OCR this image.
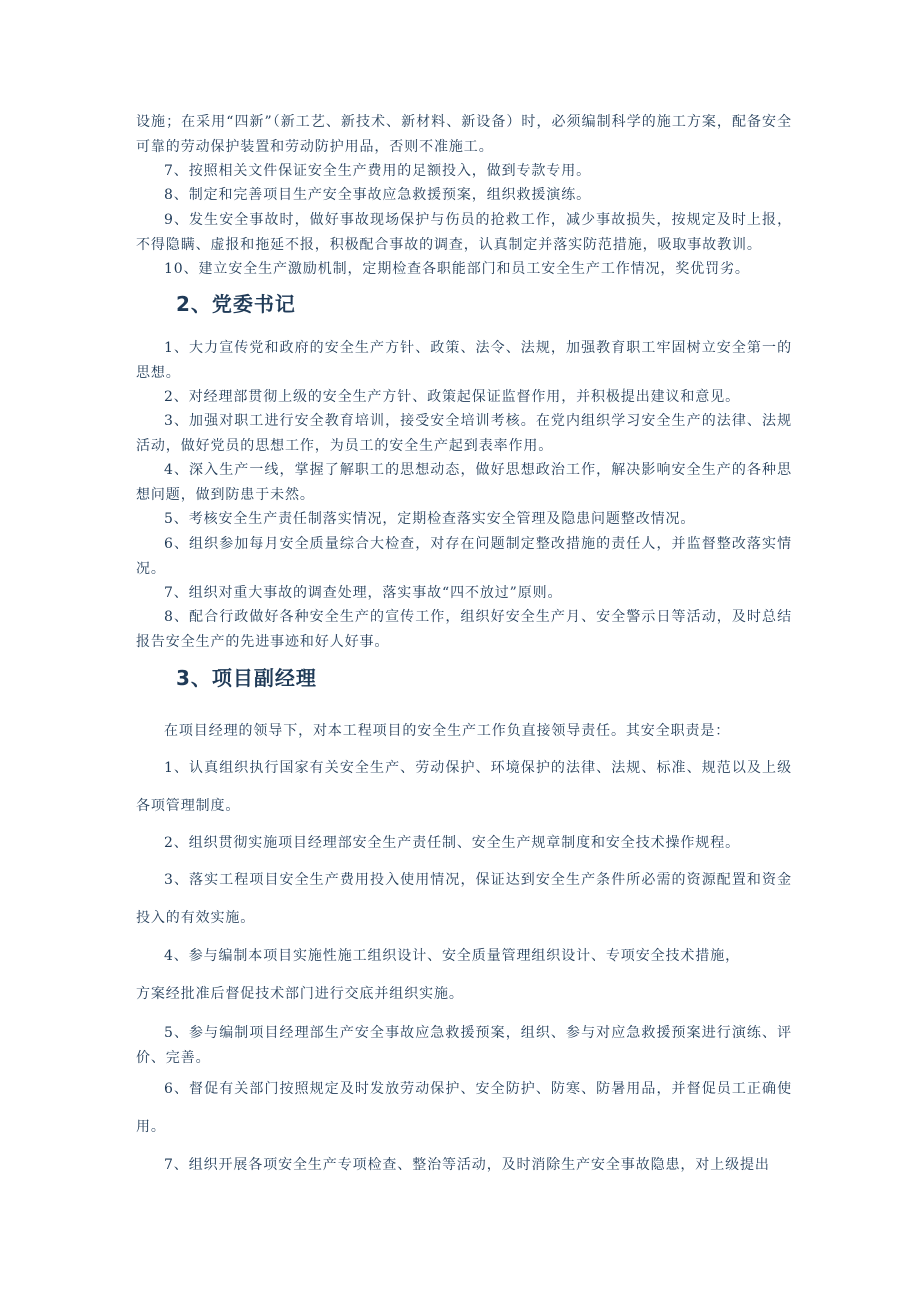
设施；在采用“四新”（新工艺、新技术、新材料、新设备）时，必须编制科学的施工方案，配备安全可靠的劳动保护装置和劳动防护用品，否则不准施工。

7、按照相关文件保证安全生产费用的足额投入，做到专款专用。

8、制定和完善项目生产安全事故应急救援预案，组织救援演练。

9、发生安全事故时，做好事故现场保护与伤员的抢救工作，减少事故损失，按规定及时上报，不得隐瞒、虚报和拖延不报，积极配合事故的调查，认真制定并落实防范措施，吸取事故教训。

10、建立安全生产激励机制，定期检查各职能部门和员工安全生产工作情况，奖优罚劣。

2、党委书记

1、大力宣传党和政府的安全生产方针、政策、法令、法规，加强教育职工牢固树立安全第一的思想。

2、对经理部贯彻上级的安全生产方针、政策起保证监督作用，并积极提出建议和意见。

3、加强对职工进行安全教育培训，接受安全培训考核。在党内组织学习安全生产的法律、法规活动，做好党员的思想工作，为员工的安全生产起到表率作用。

4、深入生产一线，掌握了解职工的思想动态，做好思想政治工作，解决影响安全生产的各种思想问题，做到防患于未然。

5、考核安全生产责任制落实情况，定期检查落实安全管理及隐患问题整改情况。

6、组织参加每月安全质量综合大检查，对存在问题制定整改措施的责任人，并监督整改落实情况。

7、组织对重大事故的调查处理，落实事故“四不放过”原则。

8、配合行政做好各种安全生产的宣传工作，组织好安全生产月、安全警示日等活动，及时总结报告安全生产的先进事迹和好人好事。

3、项目副经理

在项目经理的领导下，对本工程项目的安全生产工作负直接领导责任。其安全职责是：

1、认真组织执行国家有关安全生产、劳动保护、环境保护的法律、法规、标准、规范以及上级各项管理制度。

2、组织贯彻实施项目经理部安全生产责任制、安全生产规章制度和安全技术操作规程。

3、落实工程项目安全生产费用投入使用情况，保证达到安全生产条件所必需的资源配置和资金投入的有效实施。

4、参与编制本项目实施性施工组织设计、安全质量管理组织设计、专项安全技术措施，

方案经批准后督促技术部门进行交底并组织实施。

5、参与编制项目经理部生产安全事故应急救援预案，组织、参与对应急救援预案进行演练、评价、完善。

6、督促有关部门按照规定及时发放劳动保护、安全防护、防寒、防暑用品，并督促员工正确使用。

7、组织开展各项安全生产专项检查、整治等活动，及时消除生产安全事故隐患，对上级提出
